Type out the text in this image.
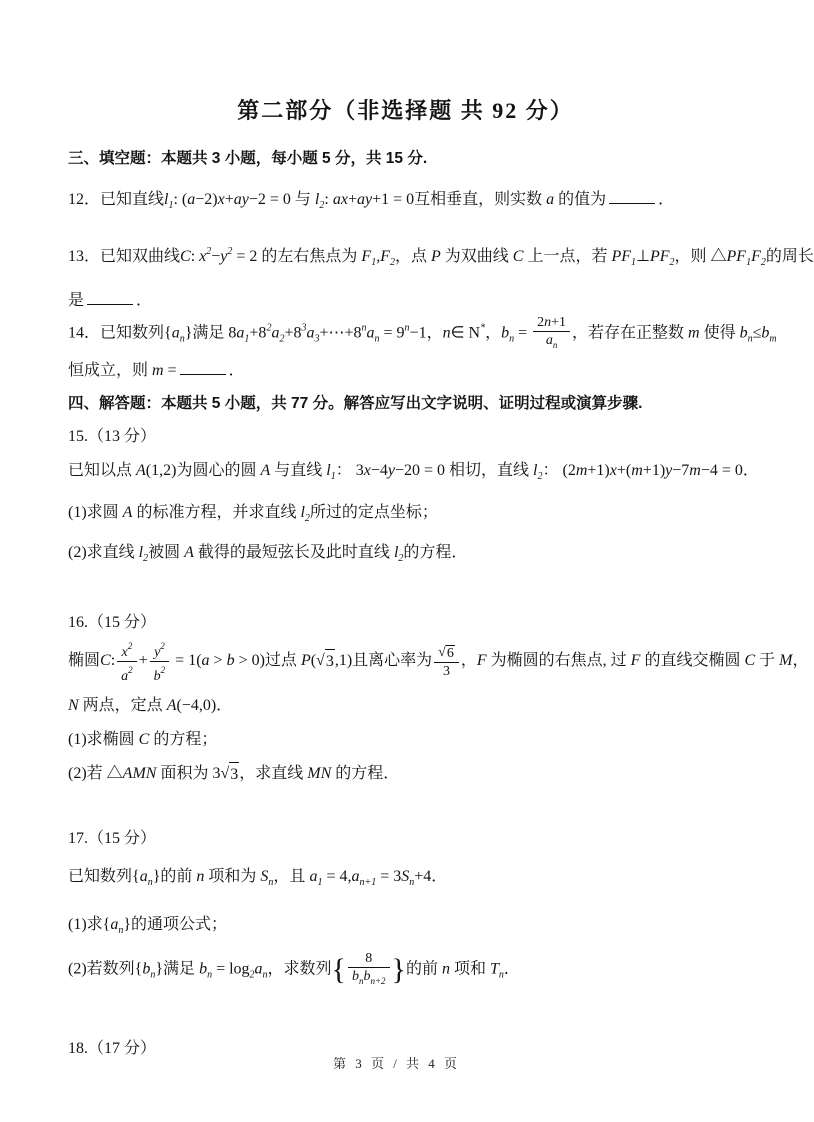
第二部分（非选择题 共 92 分）

三、填空题：本题共 3 小题，每小题 5 分，共 15 分.

12．已知直线$l_1$: (a−2)x+ay−2 = 0 与 $l_2$: ax+ay+1 = 0互相垂直，则实数 a 的值为	．

13．已知双曲线C: $x^2-y^2 = 2$ 的左右焦点为 $F_1,F_2$，点 P 为双曲线 C 上一点，若 $PF_1\perp PF_2$，则 $\triangle PF_1F_2$的周长

是	．

14．已知数列$\{a_n\}$满足 $8a_1+8^2a_2+8^3a_3+\cdots+8^na_n = 9^n-1$，n∈ N*，$b_n = \frac{2n+1}{a_n}$ ，若存在正整数 m 使得 $b_n\le b_m$

恒成立，则 m =	．

四、解答题：本题共 5 小题，共 77 分。解答应写出文字说明、证明过程或演算步骤.

15.（13 分）

已知以点 A(1,2)为圆心的圆 A 与直线 $l_1$： 3x−4y−20 = 0 相切，直线 $l_2$： (2m+1)x+(m+1)y−7m−4 = 0．

(1)求圆 A 的标准方程，并求直线 $l_2$所过的定点坐标；

(2)求直线 $l_2$被圆 A 截得的最短弦长及此时直线 $l_2$的方程．

16.（15 分）

椭圆C: $\frac{x^2}{a^2} + \frac{y^2}{b^2} = 1(a > b > 0)$过点 P( √ 3 ,1)且离心率为 $\frac{√ 6}{3}$ ，F 为椭圆的右焦点, 过 F 的直线交椭圆 C 于 M，

N 两点，定点 A(−4,0)．

(1)求椭圆 C 的方程；

(2)若 △AMN 面积为 3 √ 3 ，求直线 MN 的方程．

17.（15 分）

已知数列$\{a_n\}$的前 n 项和为 $S_n$，且 $a_1 = 4,a_{n+1} = 3S_n+4$．

(1)求$\{a_n\}$的通项公式；

(2)若数列$\{b_n\}$满足 $b_n = \log_2a_n$，求数列{ $\frac{8}{b_nb_{n+2}}$ }的前 n 项和 $T_n$．

18.（17 分）

第 3 页 / 共 4 页
